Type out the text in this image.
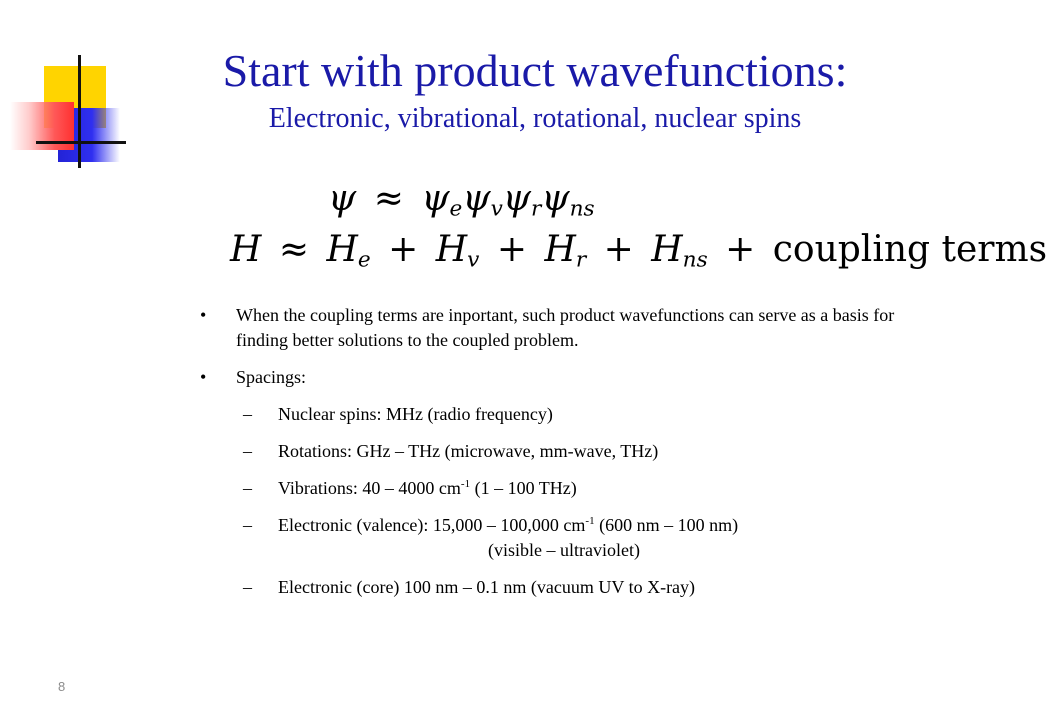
Start with product wavefunctions:
Electronic, vibrational, rotational, nuclear spins
$\psi \approx \psi_e\psi_v\psi_r\psi_{ns}$
$H \approx H_e + H_v + H_r + H_{ns}$ + coupling terms
• When the coupling terms are inportant, such product wavefunctions can serve as a basis for finding better solutions to the coupled problem.
• Spacings:
– Nuclear spins: MHz (radio frequency)
– Rotations: GHz – THz (microwave, mm-wave, THz)
– Vibrations: 40 – 4000 $cm^{-1}$ (1 – 100 THz)
– Electronic (valence): 15,000 – 100,000 $cm^{-1}$ (600 nm – 100 nm)
(visible – ultraviolet)
– Electronic (core) 100 nm – 0.1 nm (vacuum UV to X-ray)
8
